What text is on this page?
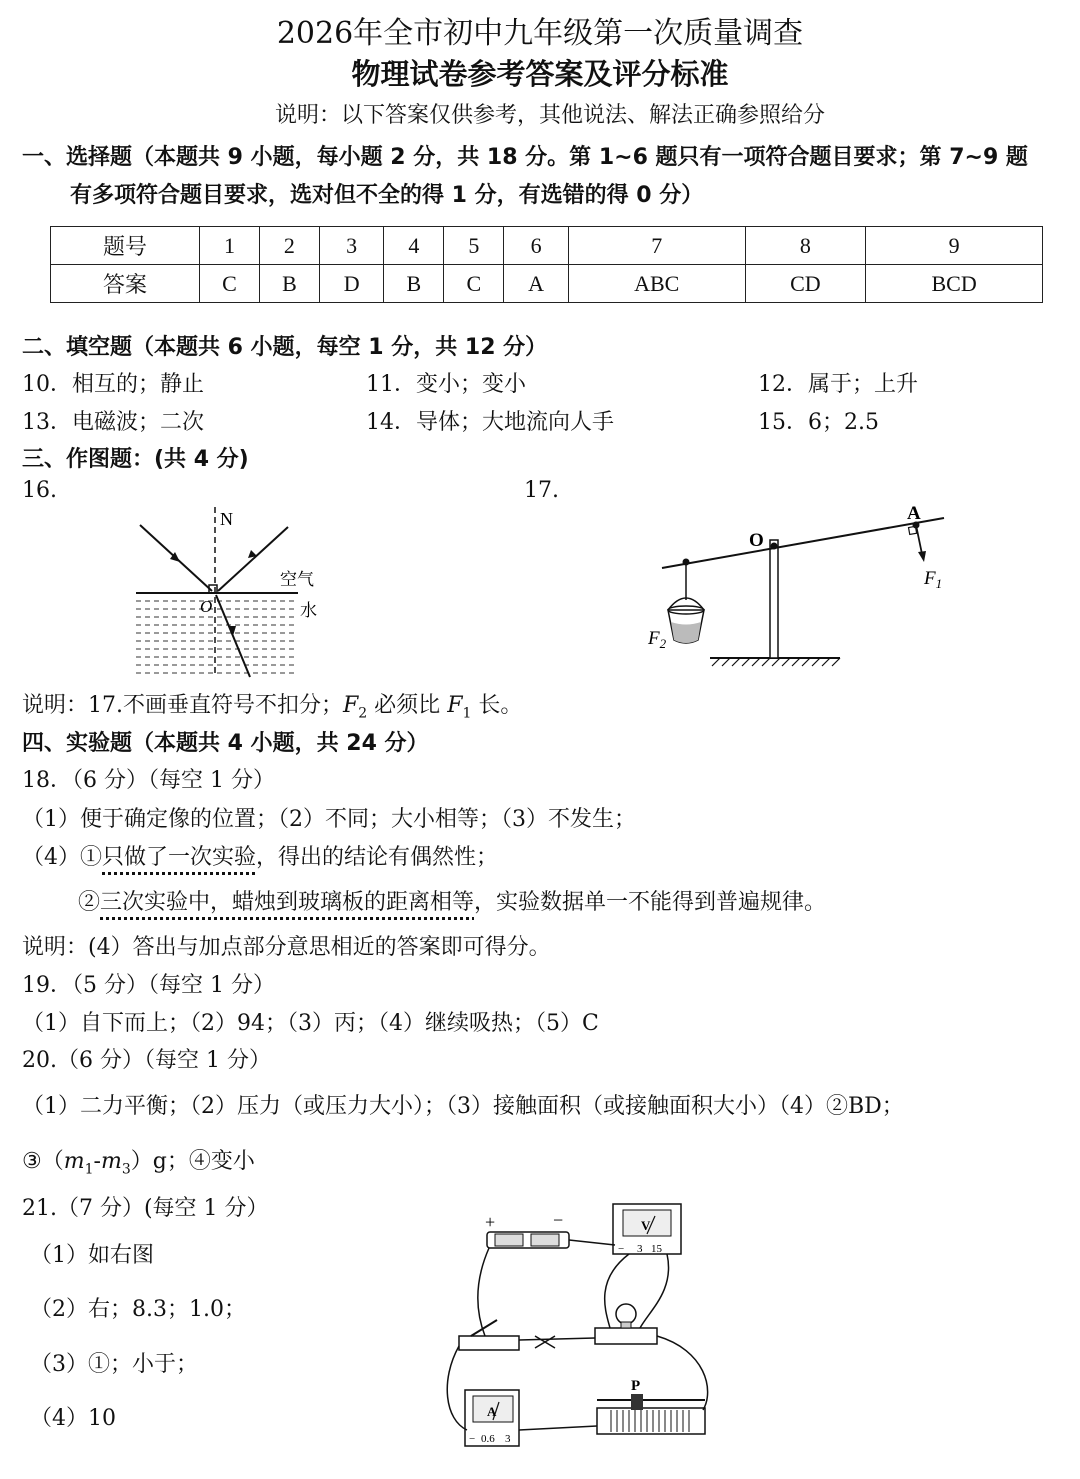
2026年全市初中九年级第一次质量调查
物理试卷参考答案及评分标准
说明：以下答案仅供参考，其他说法、解法正确参照给分
一、选择题（本题共 9 小题，每小题 2 分，共 18 分。第 1~6 题只有一项符合题目要求；第 7~9 题
有多项符合题目要求，选对但不全的得 1 分，有选错的得 0 分）
题号	1	2	3	4	5	6	7	8	9
答案	C	B	D	B	C	A	ABC	CD	BCD
二、填空题（本题共 6 小题，每空 1 分，共 12 分）
10．相互的；静止	11．变小；变小	12．属于；上升
13．电磁波；二次	14．导体；大地流向人手	15．6；2.5
三、作图题：(共 4 分)
16.	17.
N
O
空气
水
O
A
$F_1$
$F_2$
说明：17.不画垂直符号不扣分；$F_2$ 必须比 $F_1$ 长。
四、实验题（本题共 4 小题，共 24 分）
18．（6 分）（每空 1 分）
（1）便于确定像的位置；（2）不同；大小相等；（3）不发生；
（4）①只做了一次实验，得出的结论有偶然性；
②三次实验中，蜡烛到玻璃板的距离相等，实验数据单一不能得到普遍规律。
说明：(4）答出与加点部分意思相近的答案即可得分。
19．（5 分）（每空 1 分）
（1）自下而上；（2）94；（3）丙；（4）继续吸热；（5）C
20.（6 分）（每空 1 分）
（1）二力平衡；（2）压力（或压力大小）；（3）接触面积（或接触面积大小）（4）②BD；
$③(m_1-m_3)g$；④变小
21.（7 分）(每空 1 分）
（1）如右图
（2）右；8.3；1.0；
（3）①；小于；
（4）10
+	−	V
− 3 15
A
− 0.6 3
P
